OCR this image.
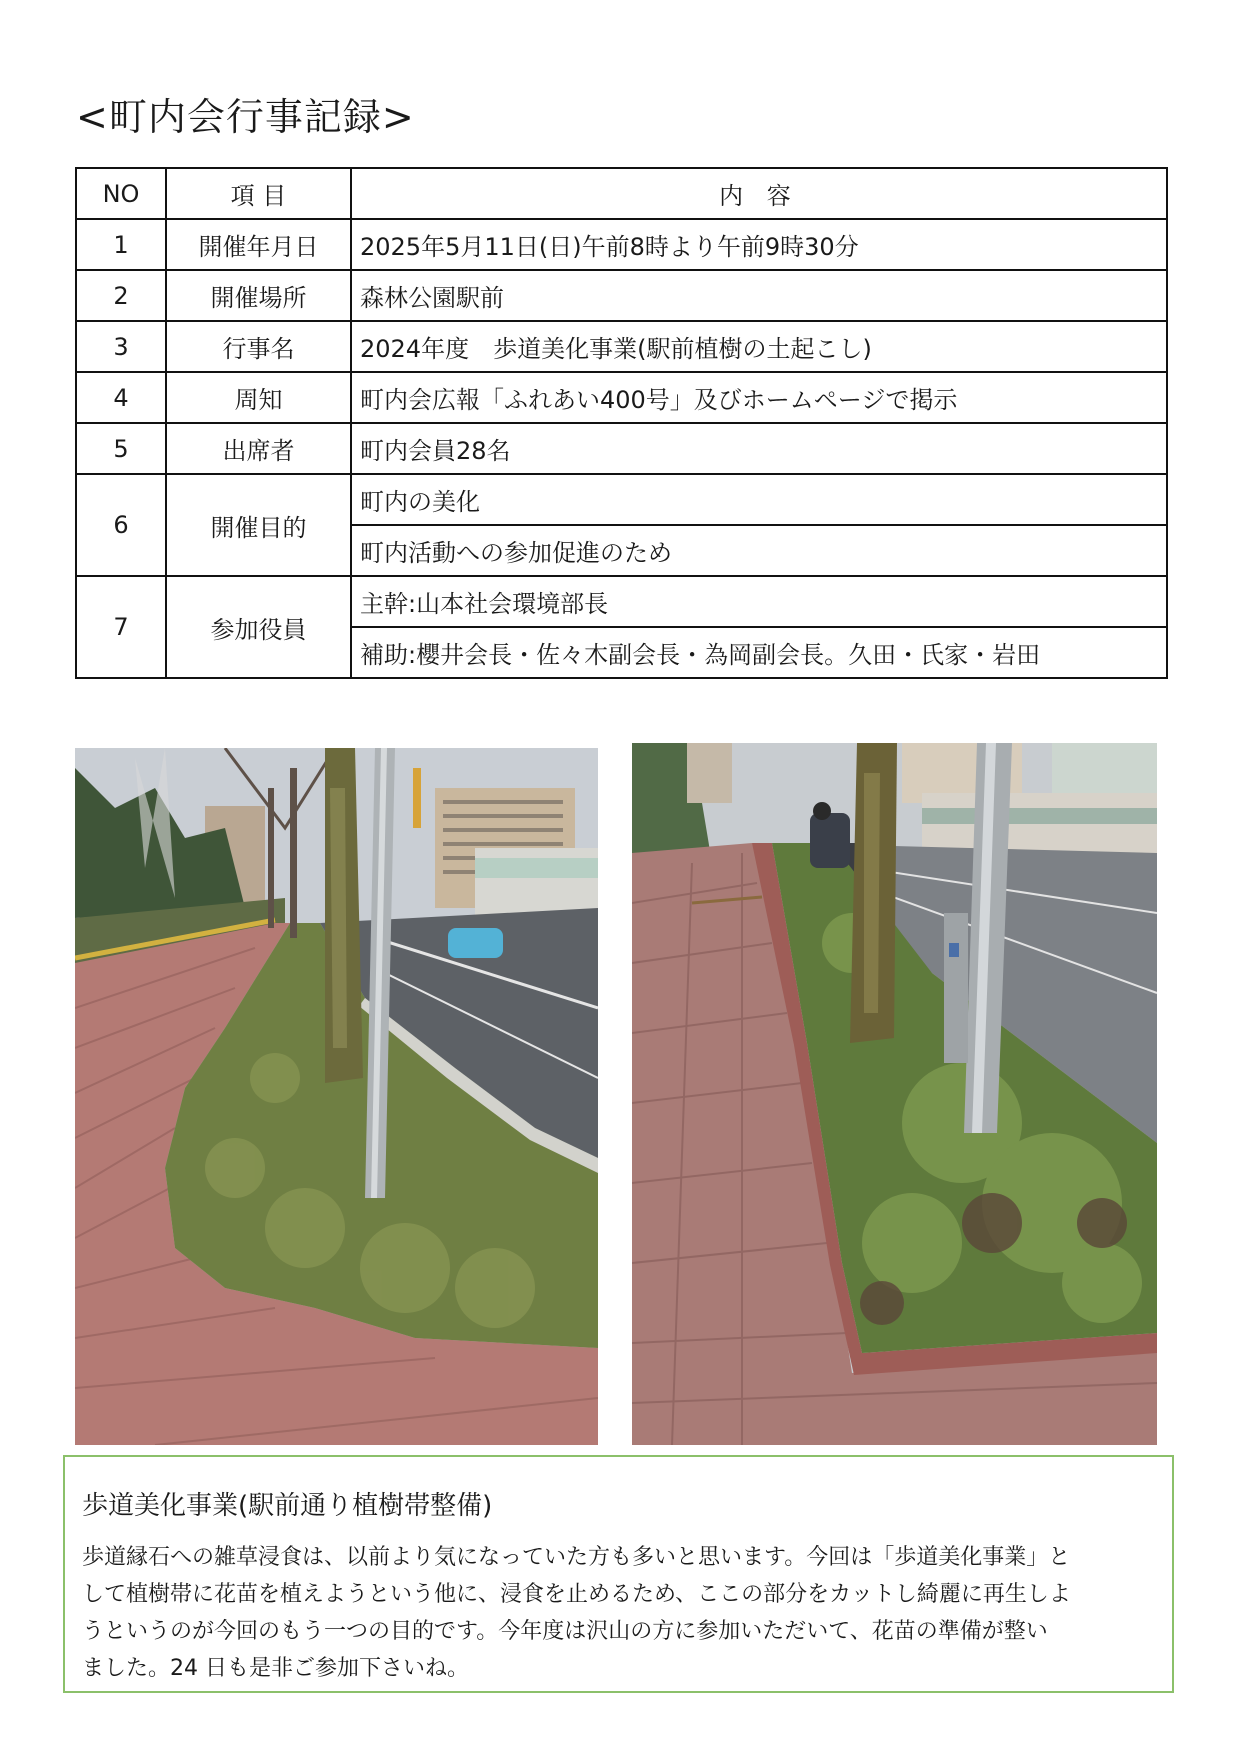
<町内会行事記録>
NO	項 目	内 容
1	開催年月日	2025年5月11日(日)午前8時より午前9時30分
2	開催場所	森林公園駅前
3	行事名	2024年度　歩道美化事業(駅前植樹の土起こし)
4	周知	町内会広報「ふれあい400号」及びホームページで掲示
5	出席者	町内会員28名
6	開催目的	町内の美化
		町内活動への参加促進のため
7	参加役員	主幹:山本社会環境部長
		補助:櫻井会長・佐々木副会長・為岡副会長。久田・氏家・岩田
歩道美化事業(駅前通り植樹帯整備)
歩道縁石への雑草浸食は、以前より気になっていた方も多いと思います。今回は「歩道美化事業」と
して植樹帯に花苗を植えようという他に、浸食を止めるため、ここの部分をカットし綺麗に再生しよ
うというのが今回のもう一つの目的です。今年度は沢山の方に参加いただいて、花苗の準備が整い
ました。24 日も是非ご参加下さいね。
